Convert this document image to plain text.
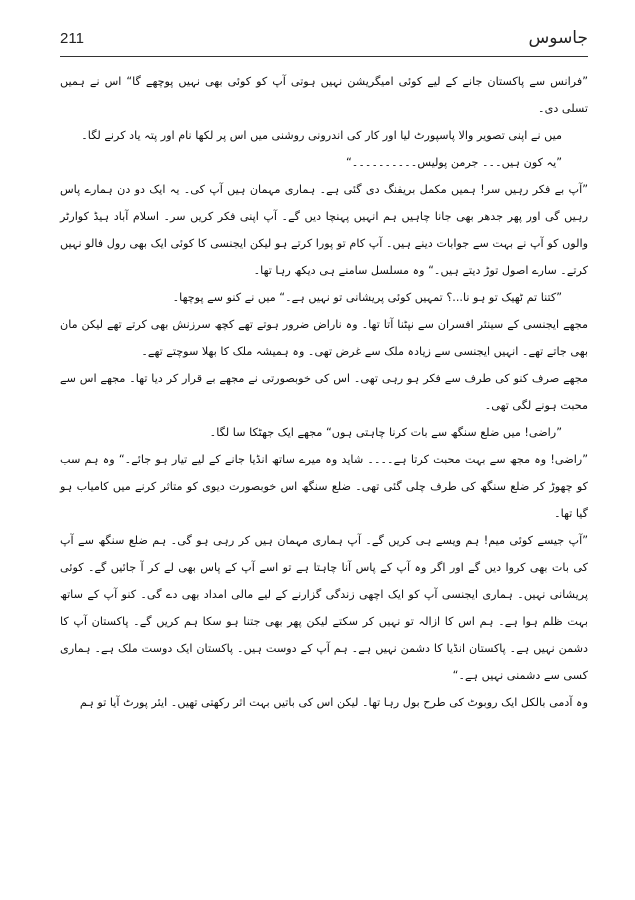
211	جاسوس

”فرانس سے پاکستان جانے کے لیے کوئی امیگریشن نہیں ہوتی آپ کو کوئی بھی نہیں پوچھے گا“ اس نے ہمیں تسلی دی۔

میں نے اپنی تصویر والا پاسپورٹ لیا اور کار کی اندرونی روشنی میں اس پر لکھا نام اور پتہ یاد کرنے لگا۔

”یہ کون ہیں۔۔۔ جرمن پولیس۔۔۔۔۔۔۔۔۔۔“

”آپ بے فکر رہیں سر! ہمیں مکمل بریفنگ دی گئی ہے۔ ہماری مہمان ہیں آپ کی۔ یہ ایک دو دن ہمارے پاس رہیں گی اور پھر جدھر بھی جانا چاہیں ہم انہیں پہنچا دیں گے۔ آپ اپنی فکر کریں سر۔ اسلام آباد ہیڈ کوارٹر والوں کو آپ نے بہت سے جوابات دینے ہیں۔ آپ کام تو پورا کرتے ہو لیکن ایجنسی کا کوئی ایک بھی رول فالو نہیں کرتے۔ سارے اصول توڑ دیتے ہیں۔“ وہ مسلسل سامنے ہی دیکھ رہا تھا۔

”کتنا تم ٹھیک تو ہو نا...؟ تمہیں کوئی پریشانی تو نہیں ہے۔“ میں نے کنو سے پوچھا۔

مجھے ایجنسی کے سینئر افسران سے نپٹنا آتا تھا۔ وہ ناراض ضرور ہوتے تھے کچھ سرزنش بھی کرتے تھے لیکن مان بھی جاتے تھے۔ انہیں ایجنسی سے زیادہ ملک سے غرض تھی۔ وہ ہمیشہ ملک کا بھلا سوچتے تھے۔

مجھے صرف کنو کی طرف سے فکر ہو رہی تھی۔ اس کی خوبصورتی نے مجھے بے قرار کر دیا تھا۔ مجھے اس سے محبت ہونے لگی تھی۔

”راضی! میں ضلع سنگھ سے بات کرنا چاہتی ہوں“ مجھے ایک جھٹکا سا لگا۔

”راضی! وہ مجھ سے بہت محبت کرتا ہے۔۔۔۔ شاید وہ میرے ساتھ انڈیا جانے کے لیے تیار ہو جائے۔“ وہ ہم سب کو چھوڑ کر ضلع سنگھ کی طرف چلی گئی تھی۔ ضلع سنگھ اس خوبصورت دیوی کو متاثر کرنے میں کامیاب ہو گیا تھا۔

”آپ جیسے کوئی میم! ہم ویسے ہی کریں گے۔ آپ ہماری مہمان ہیں کر رہی ہو گی۔ ہم ضلع سنگھ سے آپ کی بات بھی کروا دیں گے اور اگر وہ آپ کے پاس آنا چاہتا ہے تو اسے آپ کے پاس بھی لے کر آ جائیں گے۔ کوئی پریشانی نہیں۔ ہماری ایجنسی آپ کو ایک اچھی زندگی گزارنے کے لیے مالی امداد بھی دے گی۔ کنو آپ کے ساتھ بہت ظلم ہوا ہے۔ ہم اس کا ازالہ تو نہیں کر سکتے لیکن پھر بھی جتنا ہو سکا ہم کریں گے۔ پاکستان آپ کا دشمن نہیں ہے۔ پاکستان انڈیا کا دشمن نہیں ہے۔ ہم آپ کے دوست ہیں۔ پاکستان ایک دوست ملک ہے۔ ہماری کسی سے دشمنی نہیں ہے۔“

وہ آدمی بالکل ایک روبوٹ کی طرح بول رہا تھا۔ لیکن اس کی باتیں بہت اثر رکھتی تھیں۔ ایئر پورٹ آیا تو ہم
